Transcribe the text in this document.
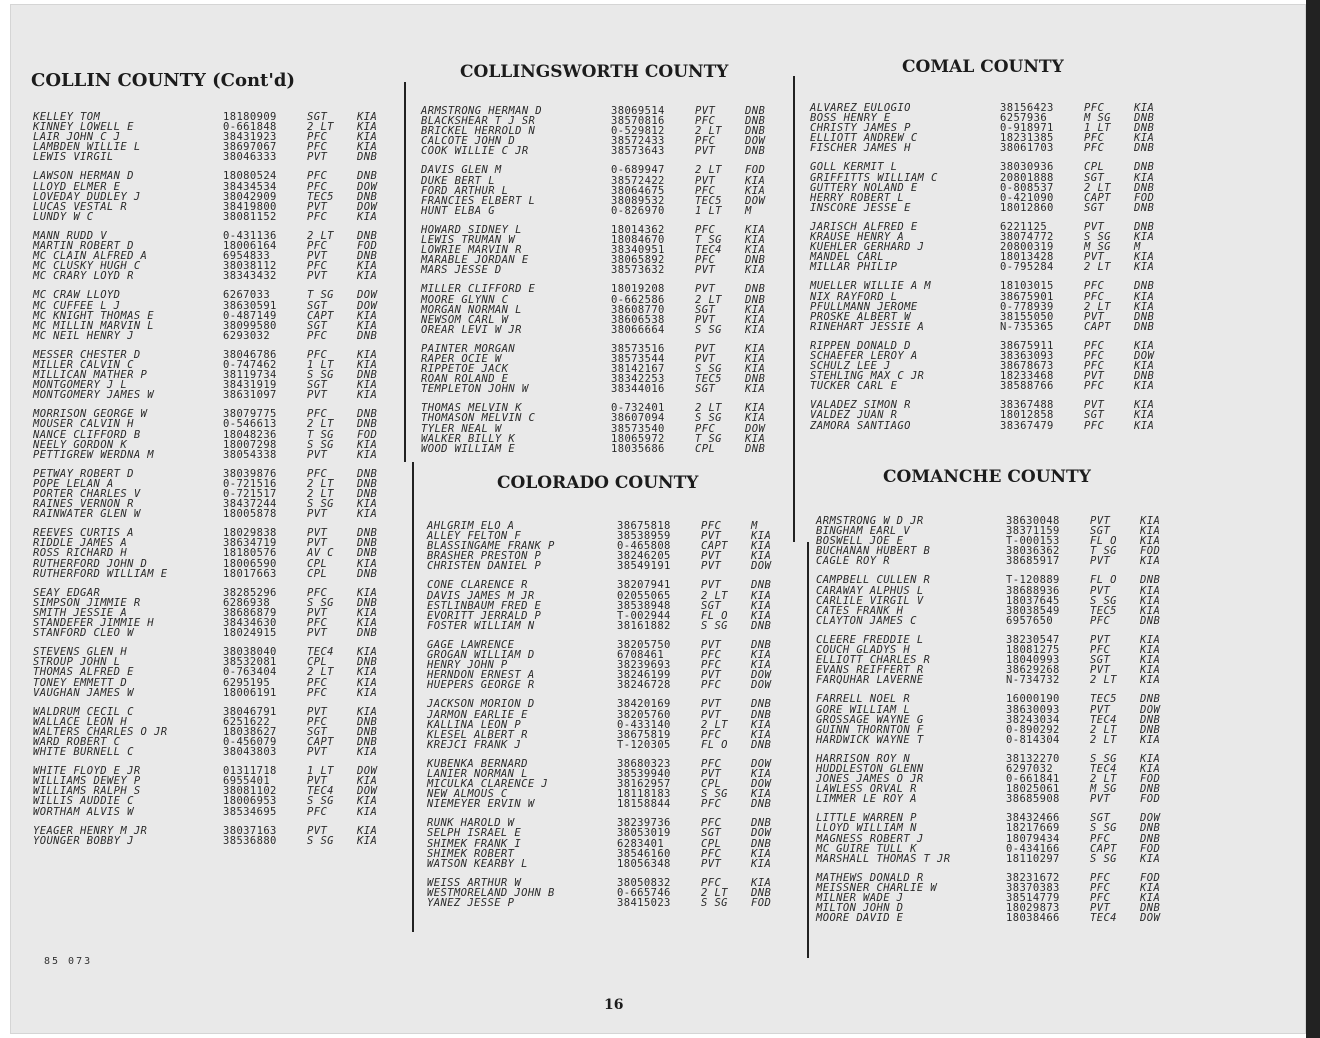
COLLIN COUNTY (Cont'd)
KELLEY TOM	18180909	SGT	KIA
KINNEY LOWELL E	0-661848	2 LT	KIA
LAIR JOHN C J	38431923	PFC	KIA
LAMBDEN WILLIE L	38697067	PFC	KIA
LEWIS VIRGIL	38046333	PVT	DNB
LAWSON HERMAN D	18080524	PFC	DNB
LLOYD ELMER E	38434534	PFC	DOW
LOVEDAY DUDLEY J	38042909	TEC5	DNB
LUCAS VESTAL R	38419800	PVT	DOW
LUNDY W C	38081152	PFC	KIA
MANN RUDD V	0-431136	2 LT	DNB
MARTIN ROBERT D	18006164	PFC	FOD
MC CLAIN ALFRED A	6954833	PVT	DNB
MC CLUSKY HUGH C	38038112	PFC	KIA
MC CRARY LOYD R	38343432	PVT	KIA
MC CRAW LLOYD	6267033	T SG	DOW
MC CUFFEE L J	38630591	SGT	DOW
MC KNIGHT THOMAS E	0-487149	CAPT	KIA
MC MILLIN MARVIN L	38099580	SGT	KIA
MC NEIL HENRY J	6293032	PFC	DNB
MESSER CHESTER D	38046786	PFC	KIA
MILLER CALVIN C	0-747462	1 LT	KIA
MILLICAN MATHER P	38119734	S SG	DNB
MONTGOMERY J L	38431919	SGT	KIA
MONTGOMERY JAMES W	38631097	PVT	KIA
MORRISON GEORGE W	38079775	PFC	DNB
MOUSER CALVIN H	0-546613	2 LT	DNB
NANCE CLIFFORD B	18048236	T SG	FOD
NEELY GORDON K	18007298	S SG	KIA
PETTIGREW WERDNA M	38054338	PVT	KIA
PETWAY ROBERT D	38039876	PFC	DNB
POPE LELAN A	0-721516	2 LT	DNB
PORTER CHARLES V	0-721517	2 LT	DNB
RAINES VERNON R	38437244	S SG	KIA
RAINWATER GLEN W	18005878	PVT	KIA
REEVES CURTIS A	18029838	PVT	DNB
RIDDLE JAMES A	38634719	PVT	DNB
ROSS RICHARD H	18180576	AV C	DNB
RUTHERFORD JOHN D	18006590	CPL	KIA
RUTHERFORD WILLIAM E	18017663	CPL	DNB
SEAY EDGAR	38285296	PFC	KIA
SIMPSON JIMMIE R	6286938	S SG	DNB
SMITH JESSIE A	38686879	PVT	KIA
STANDEFER JIMMIE H	38434630	PFC	KIA
STANFORD CLEO W	18024915	PVT	DNB
STEVENS GLEN H	38038040	TEC4	KIA
STROUP JOHN L	38532081	CPL	DNB
THOMAS ALFRED E	0-763404	2 LT	KIA
TONEY EMMETT D	6295195	PFC	KIA
VAUGHAN JAMES W	18006191	PFC	KIA
WALDRUM CECIL C	38046791	PVT	KIA
WALLACE LEON H	6251622	PFC	DNB
WALTERS CHARLES O JR	18038627	SGT	DNB
WARD ROBERT C	0-456079	CAPT	DNB
WHITE BURNELL C	38043803	PVT	KIA
WHITE FLOYD E JR	01311718	1 LT	DOW
WILLIAMS DEWEY P	6955401	PVT	KIA
WILLIAMS RALPH S	38081102	TEC4	DOW
WILLIS AUDDIE C	18006953	S SG	KIA
WORTHAM ALVIS W	38534695	PFC	KIA
YEAGER HENRY M JR	38037163	PVT	KIA
YOUNGER BOBBY J	38536880	S SG	KIA
COLLINGSWORTH COUNTY
ARMSTRONG HERMAN D	38069514	PVT	DNB
BLACKSHEAR T J SR	38570816	PFC	DNB
BRICKEL HERROLD N	0-529812	2 LT	DNB
CALCOTE JOHN D	38572433	PFC	DOW
COOK WILLIE C JR	38573643	PVT	DNB
DAVIS GLEN M	0-689947	2 LT	FOD
DUKE BERT L	38572422	PVT	KIA
FORD ARTHUR L	38064675	PFC	KIA
FRANCIES ELBERT L	38089532	TEC5	DOW
HUNT ELBA G	0-826970	1 LT	M
HOWARD SIDNEY L	18014362	PFC	KIA
LEWIS TRUMAN W	18084670	T SG	KIA
LOWRIE MARVIN R	38340951	TEC4	KIA
MARABLE JORDAN E	38065892	PFC	DNB
MARS JESSE D	38573632	PVT	KIA
MILLER CLIFFORD E	18019208	PVT	DNB
MOORE GLYNN C	0-662586	2 LT	DNB
MORGAN NORMAN L	38608770	SGT	KIA
NEWSOM CARL W	38606538	PVT	KIA
OREAR LEVI W JR	38066664	S SG	KIA
PAINTER MORGAN	38573516	PVT	KIA
RAPER OCIE W	38573544	PVT	KIA
RIPPETOE JACK	38142167	S SG	KIA
ROAN ROLAND E	38342253	TEC5	DNB
TEMPLETON JOHN W	38344016	SGT	KIA
THOMAS MELVIN K	0-732401	2 LT	KIA
THOMASON MELVIN C	38607094	S SG	KIA
TYLER NEAL W	38573540	PFC	DOW
WALKER BILLY K	18065972	T SG	KIA
WOOD WILLIAM E	18035686	CPL	DNB
COLORADO COUNTY
AHLGRIM ELO A	38675818	PFC	M
ALLEY FELTON F	38538959	PVT	KIA
BLASSINGAME FRANK P	0-465808	CAPT	KIA
BRASHER PRESTON P	38246205	PVT	KIA
CHRISTEN DANIEL P	38549191	PVT	DOW
CONE CLARENCE R	38207941	PVT	DNB
DAVIS JAMES M JR	02055065	2 LT	KIA
ESTLINBAUM FRED E	38538948	SGT	KIA
EVORITT JERRALD P	T-002944	FL O	KIA
FOSTER WILLIAM N	38161882	S SG	DNB
GAGE LAWRENCE	38205750	PVT	DNB
GROGAN WILLIAM D	6708461	PFC	KIA
HENRY JOHN P	38239693	PFC	KIA
HERNDON ERNEST A	38246199	PVT	DOW
HUEPERS GEORGE R	38246728	PFC	DOW
JACKSON MORION D	38420169	PVT	DNB
JARMON EARLIE E	38205760	PVT	DNB
KALLINA LEON P	0-433140	2 LT	KIA
KLESEL ALBERT R	38675819	PFC	KIA
KREJCI FRANK J	T-120305	FL O	DNB
KUBENKA BERNARD	38680323	PFC	DOW
LANIER NORMAN L	38539940	PVT	KIA
MICULKA CLARENCE J	38162957	CPL	DOW
NEW ALMOUS C	18118183	S SG	KIA
NIEMEYER ERVIN W	18158844	PFC	DNB
RUNK HAROLD W	38239736	PFC	DNB
SELPH ISRAEL E	38053019	SGT	DOW
SHIMEK FRANK I	6283401	CPL	DNB
SHIMEK ROBERT	38546160	PFC	KIA
WATSON KEARBY L	18056348	PVT	KIA
WEISS ARTHUR W	38050832	PFC	KIA
WESTMORELAND JOHN B	0-665746	2 LT	DNB
YANEZ JESSE P	38415023	S SG	FOD
COMAL COUNTY
ALVAREZ EULOGIO	38156423	PFC	KIA
BOSS HENRY E	6257936	M SG	DNB
CHRISTY JAMES P	0-918971	1 LT	DNB
ELLIOTT ANDREW C	18231385	PFC	KIA
FISCHER JAMES H	38061703	PFC	DNB
GOLL KERMIT L	38030936	CPL	DNB
GRIFFITTS WILLIAM C	20801888	SGT	KIA
GUTTERY NOLAND E	0-808537	2 LT	DNB
HERRY ROBERT L	0-421090	CAPT	FOD
INSCORE JESSE E	18012860	SGT	DNB
JARISCH ALFRED E	6221125	PVT	DNB
KRAUSE HENRY A	38074772	S SG	KIA
KUEHLER GERHARD J	20800319	M SG	M
MANDEL CARL	18013428	PVT	KIA
MILLAR PHILIP	0-795284	2 LT	KIA
MUELLER WILLIE A M	18103015	PFC	DNB
NIX RAYFORD L	38675901	PFC	KIA
PFULLMANN JEROME	0-778939	2 LT	KIA
PROSKE ALBERT W	38155050	PVT	DNB
RINEHART JESSIE A	N-735365	CAPT	DNB
RIPPEN DONALD D	38675911	PFC	KIA
SCHAEFER LEROY A	38363093	PFC	DOW
SCHULZ LEE J	38678673	PFC	KIA
STEHLING MAX C JR	18233468	PVT	DNB
TUCKER CARL E	38588766	PFC	KIA
VALADEZ SIMON R	38367488	PVT	KIA
VALDEZ JUAN R	18012858	SGT	KIA
ZAMORA SANTIAGO	38367479	PFC	KIA
COMANCHE COUNTY
ARMSTRONG W D JR	38630048	PVT	KIA
BINGHAM EARL V	38371159	SGT	KIA
BOSWELL JOE E	T-000153	FL O	KIA
BUCHANAN HUBERT B	38036362	T SG	FOD
CAGLE ROY R	38685917	PVT	KIA
CAMPBELL CULLEN R	T-120889	FL O	DNB
CARAWAY ALPHUS L	38688936	PVT	KIA
CARLILE VIRGIL V	18037645	S SG	KIA
CATES FRANK H	38038549	TEC5	KIA
CLAYTON JAMES C	6957650	PFC	DNB
CLEERE FREDDIE L	38230547	PVT	KIA
COUCH GLADYS H	18081275	PFC	KIA
ELLIOTT CHARLES R	18040993	SGT	KIA
EVANS REIFFERT R	38629268	PVT	KIA
FARQUHAR LAVERNE	N-734732	2 LT	KIA
FARRELL NOEL R	16000190	TEC5	DNB
GORE WILLIAM L	38630093	PVT	DOW
GROSSAGE WAYNE G	38243034	TEC4	DNB
GUINN THORNTON F	0-890292	2 LT	DNB
HARDWICK WAYNE T	0-814304	2 LT	KIA
HARRISON ROY N	38132270	S SG	KIA
HUDDLESTON GLENN	6297032	TEC4	KIA
JONES JAMES O JR	0-661841	2 LT	FOD
LAWLESS ORVAL R	18025061	M SG	DNB
LIMMER LE ROY A	38685908	PVT	FOD
LITTLE WARREN P	38432466	SGT	DOW
LLOYD WILLIAM N	18217669	S SG	DNB
MAGNESS ROBERT J	18079434	PFC	DNB
MC GUIRE TULL K	0-434166	CAPT	FOD
MARSHALL THOMAS T JR	18110297	S SG	KIA
MATHEWS DONALD R	38231672	PFC	FOD
MEISSNER CHARLIE W	38370383	PFC	KIA
MILNER WADE J	38514779	PFC	KIA
MILTON JOHN D	18029873	PVT	DNB
MOORE DAVID E	18038466	TEC4	DOW
85 073
16
